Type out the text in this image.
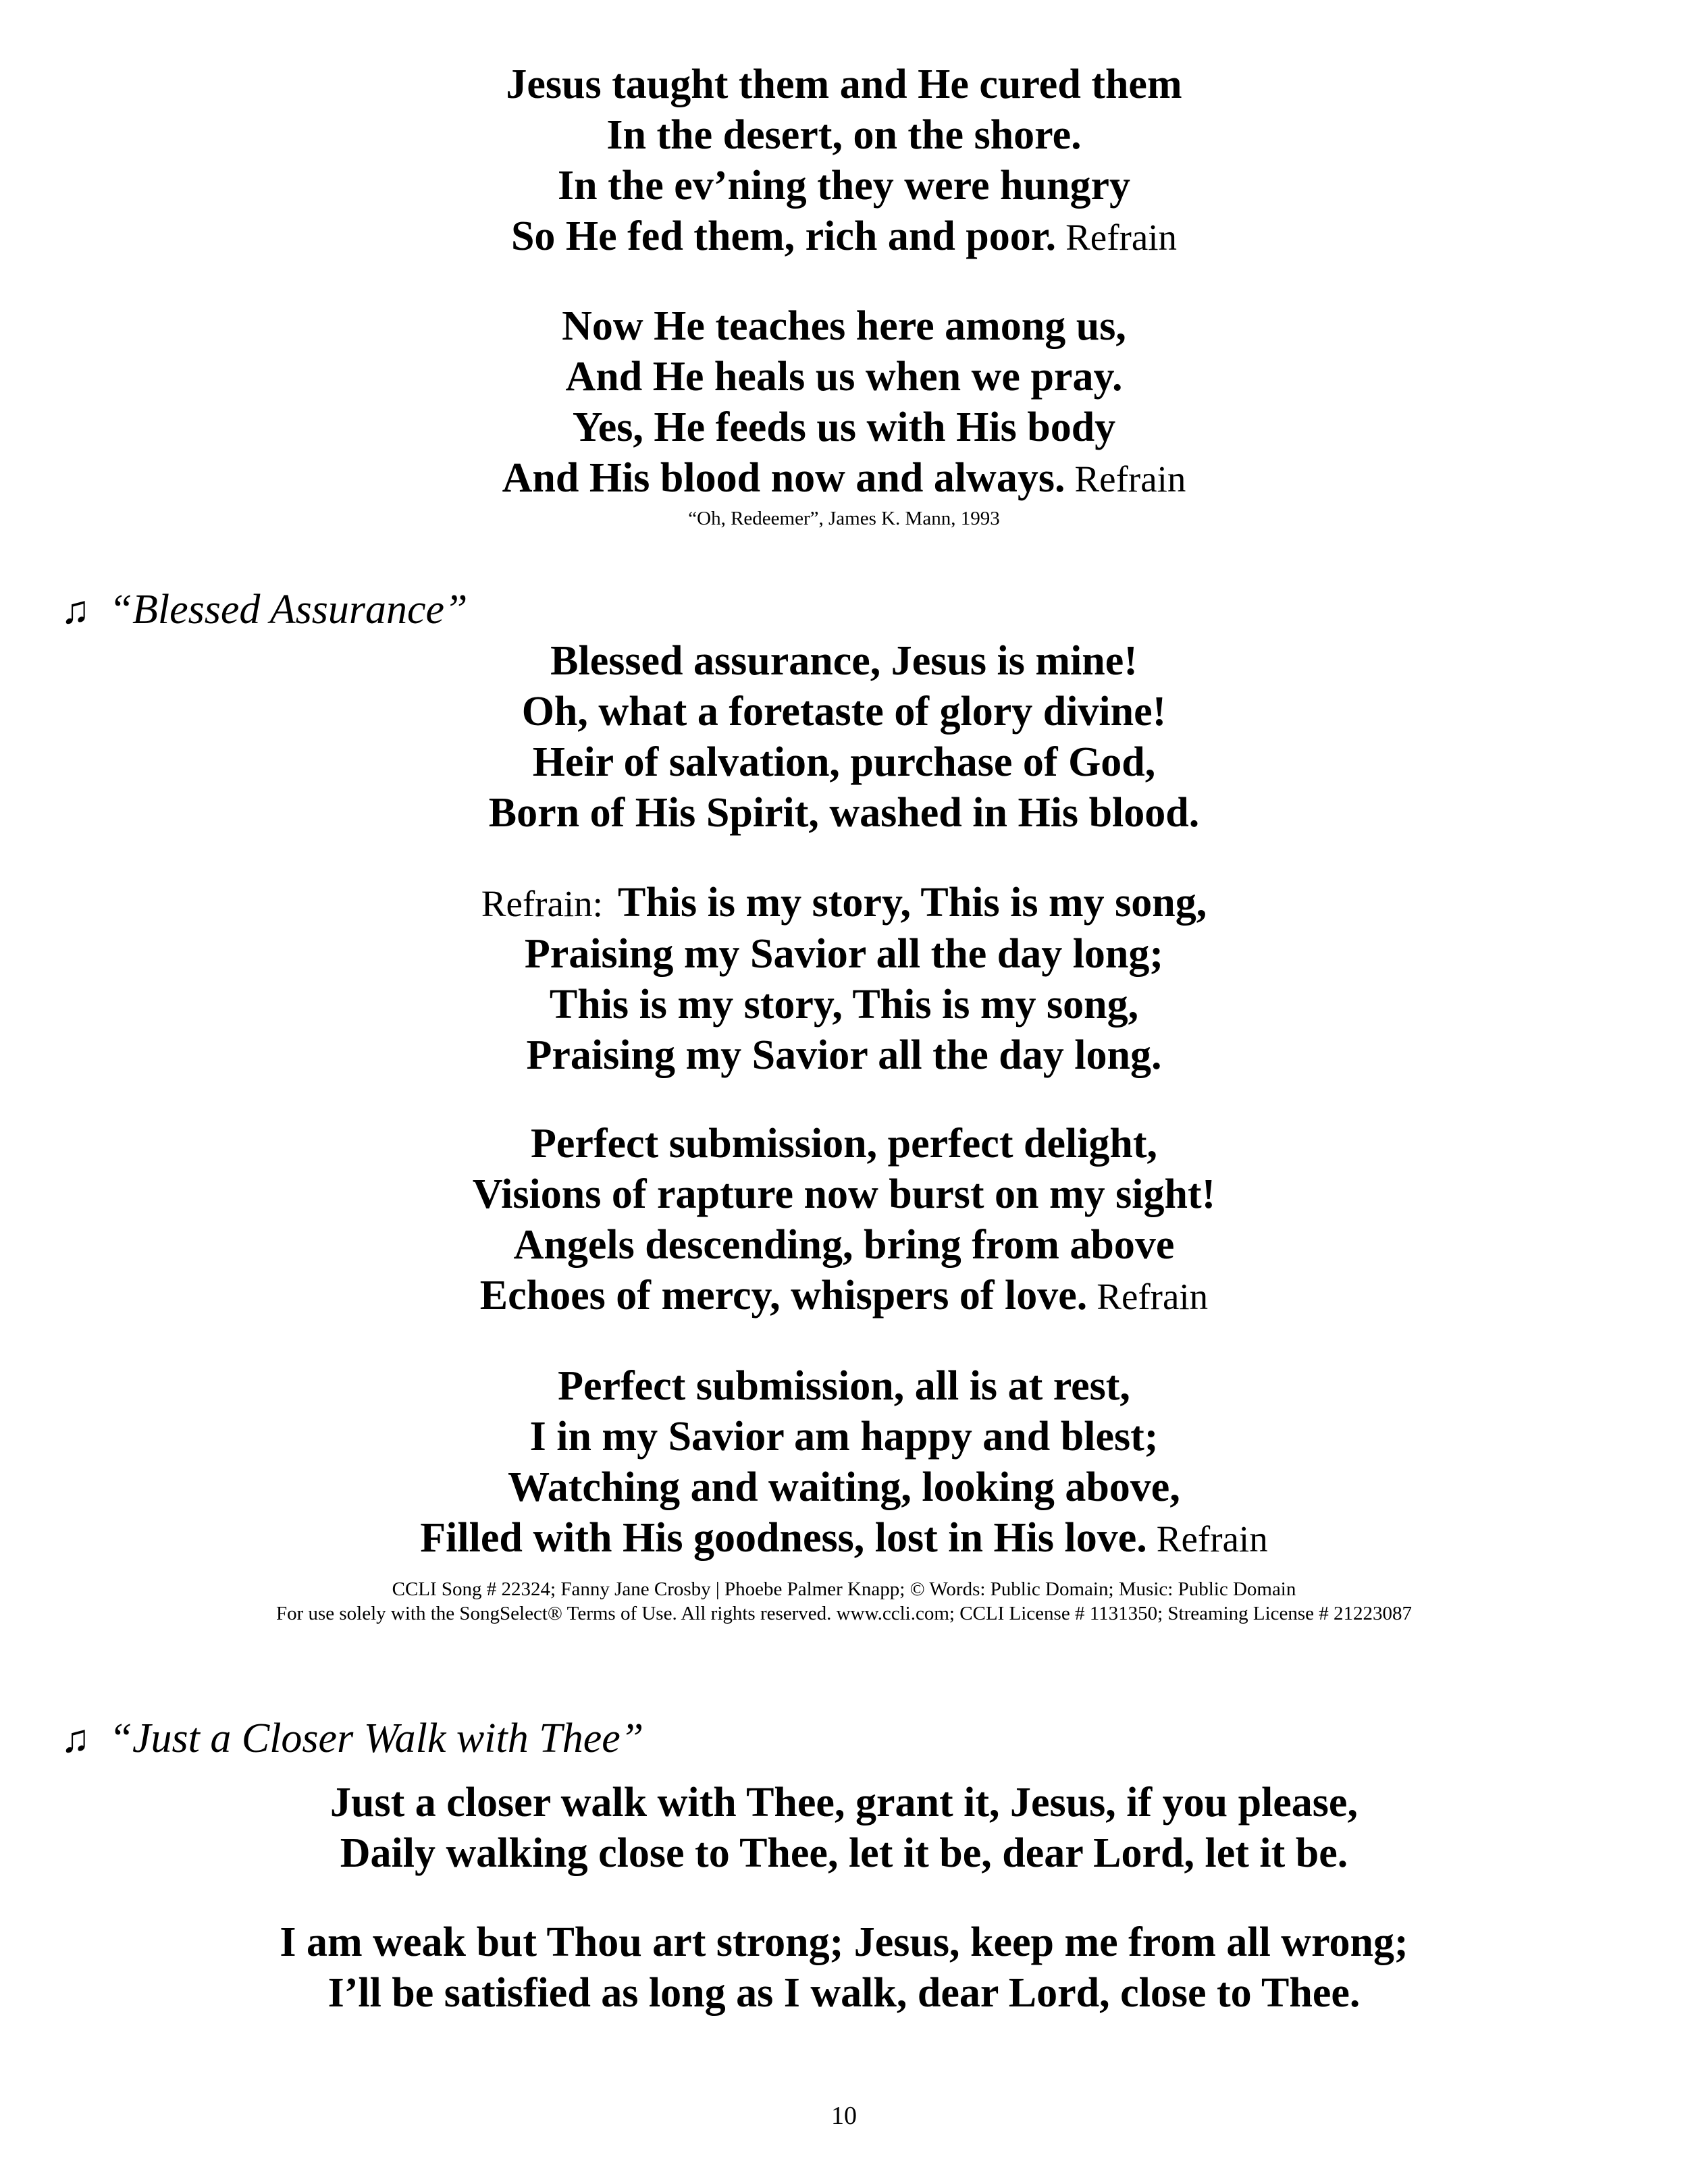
Jesus taught them and He cured them
In the desert, on the shore.
In the ev’ning they were hungry
So He fed them, rich and poor. Refrain
Now He teaches here among us,
And He heals us when we pray.
Yes, He feeds us with His body
And His blood now and always. Refrain
“Oh, Redeemer”, James K. Mann, 1993
♫ “Blessed Assurance”
Blessed assurance, Jesus is mine!
Oh, what a foretaste of glory divine!
Heir of salvation, purchase of God,
Born of His Spirit, washed in His blood.
Refrain: This is my story, This is my song,
Praising my Savior all the day long;
This is my story, This is my song,
Praising my Savior all the day long.
Perfect submission, perfect delight,
Visions of rapture now burst on my sight!
Angels descending, bring from above
Echoes of mercy, whispers of love. Refrain
Perfect submission, all is at rest,
I in my Savior am happy and blest;
Watching and waiting, looking above,
Filled with His goodness, lost in His love. Refrain
CCLI Song # 22324; Fanny Jane Crosby | Phoebe Palmer Knapp; © Words: Public Domain; Music: Public Domain
For use solely with the SongSelect® Terms of Use. All rights reserved. www.ccli.com; CCLI License # 1131350; Streaming License # 21223087
♫ “Just a Closer Walk with Thee”
Just a closer walk with Thee, grant it, Jesus, if you please,
Daily walking close to Thee, let it be, dear Lord, let it be.
I am weak but Thou art strong; Jesus, keep me from all wrong;
I’ll be satisfied as long as I walk, dear Lord, close to Thee.
10
